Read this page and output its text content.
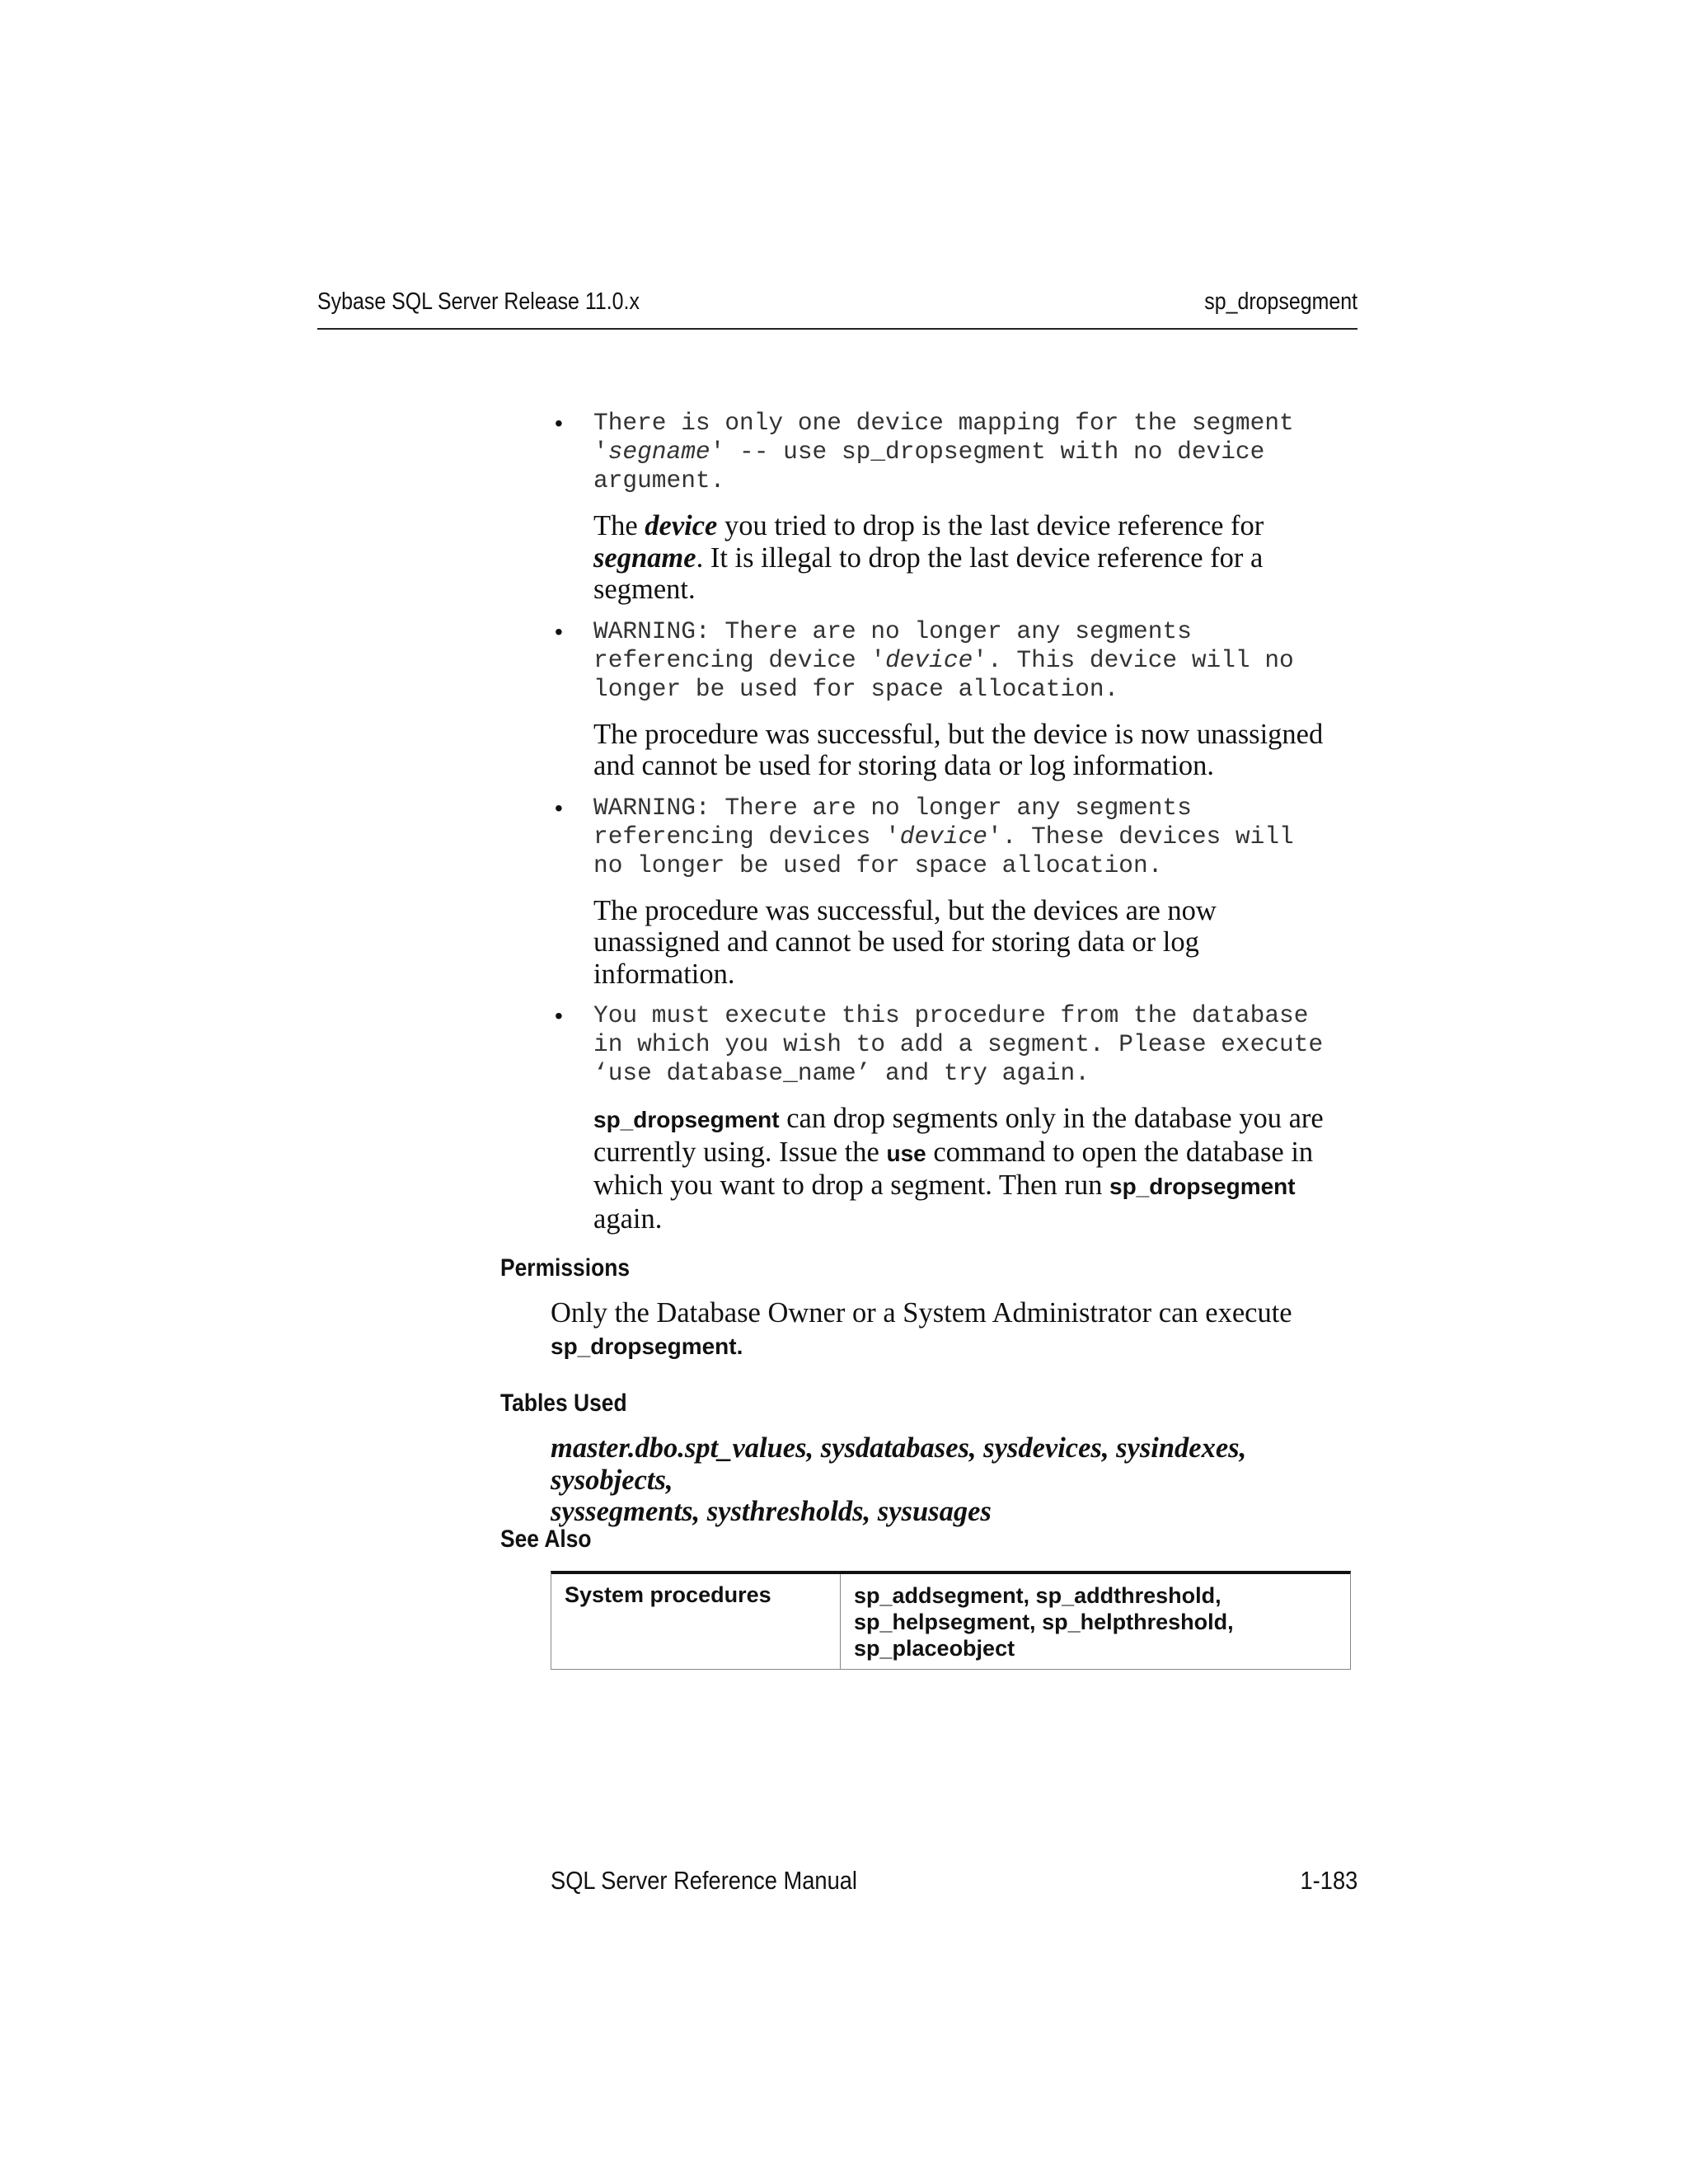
Sybase SQL Server Release 11.0.x	sp_dropsegment
• There is only one device mapping for the segment
'segname' -- use sp_dropsegment with no device
argument.
The device you tried to drop is the last device reference for
segname. It is illegal to drop the last device reference for a
segment.
• WARNING: There are no longer any segments
referencing device 'device'. This device will no
longer be used for space allocation.
The procedure was successful, but the device is now unassigned
and cannot be used for storing data or log information.
• WARNING: There are no longer any segments
referencing devices 'device'. These devices will
no longer be used for space allocation.
The procedure was successful, but the devices are now
unassigned and cannot be used for storing data or log
information.
• You must execute this procedure from the database
in which you wish to add a segment. Please execute
‘use database_name’ and try again.
sp_dropsegment can drop segments only in the database you are
currently using. Issue the use command to open the database in
which you want to drop a segment. Then run sp_dropsegment
again.
Permissions
Only the Database Owner or a System Administrator can execute
sp_dropsegment.
Tables Used
master.dbo.spt_values, sysdatabases, sysdevices, sysindexes, sysobjects,
syssegments, systhresholds, sysusages
See Also
System procedures	sp_addsegment, sp_addthreshold,
sp_helpsegment, sp_helpthreshold,
sp_placeobject
SQL Server Reference Manual	1-183
